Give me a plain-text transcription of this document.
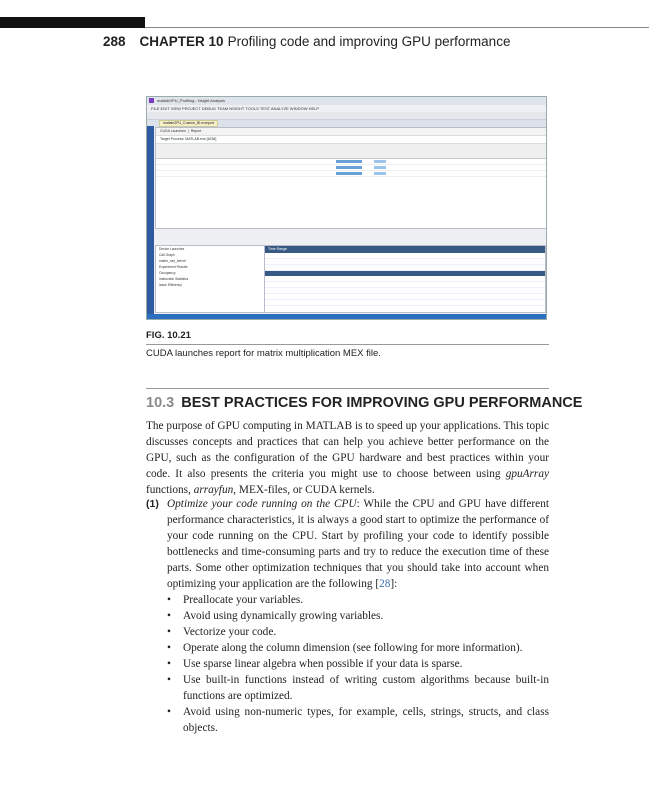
288 CHAPTER 10 Profiling code and improving GPU performance
matlabGPU_Profiling - Nsight Analysis
FILE EDIT VIEW PROJECT DEBUG TEAM NSIGHT TOOLS TEST ANALYZE WINDOW HELP
matlabGPU_Custom_Bl.nvreport
CUDA Launches  |  Report
Target Process: MATLAB.exe [6236]
Device Launches
Call Graph
matrix_mul_kernel
Experiment Results
Occupancy
Instruction Statistics
Issue Efficiency
Time Range
FIG. 10.21
CUDA launches report for matrix multiplication MEX file.
10.3 BEST PRACTICES FOR IMPROVING GPU PERFORMANCE

The purpose of GPU computing in MATLAB is to speed up your applications. This topic discusses concepts and practices that can help you achieve better performance on the GPU, such as the configuration of the GPU hardware and best practices within your code. It also presents the criteria you might use to choose between using gpuArray functions, arrayfun, MEX-files, or CUDA kernels.

(1) Optimize your code running on the CPU: While the CPU and GPU have different performance characteristics, it is always a good start to optimize the performance of your code running on the CPU. Start by profiling your code to identify possible bottlenecks and time-consuming parts and try to reduce the execution time of these parts. Some other optimization techniques that you should take into account when optimizing your application are the following [28]:

• Preallocate your variables.
• Avoid using dynamically growing variables.
• Vectorize your code.
• Operate along the column dimension (see following for more information).
• Use sparse linear algebra when possible if your data is sparse.
• Use built-in functions instead of writing custom algorithms because built-in functions are optimized.
• Avoid using non-numeric types, for example, cells, strings, structs, and class objects.
